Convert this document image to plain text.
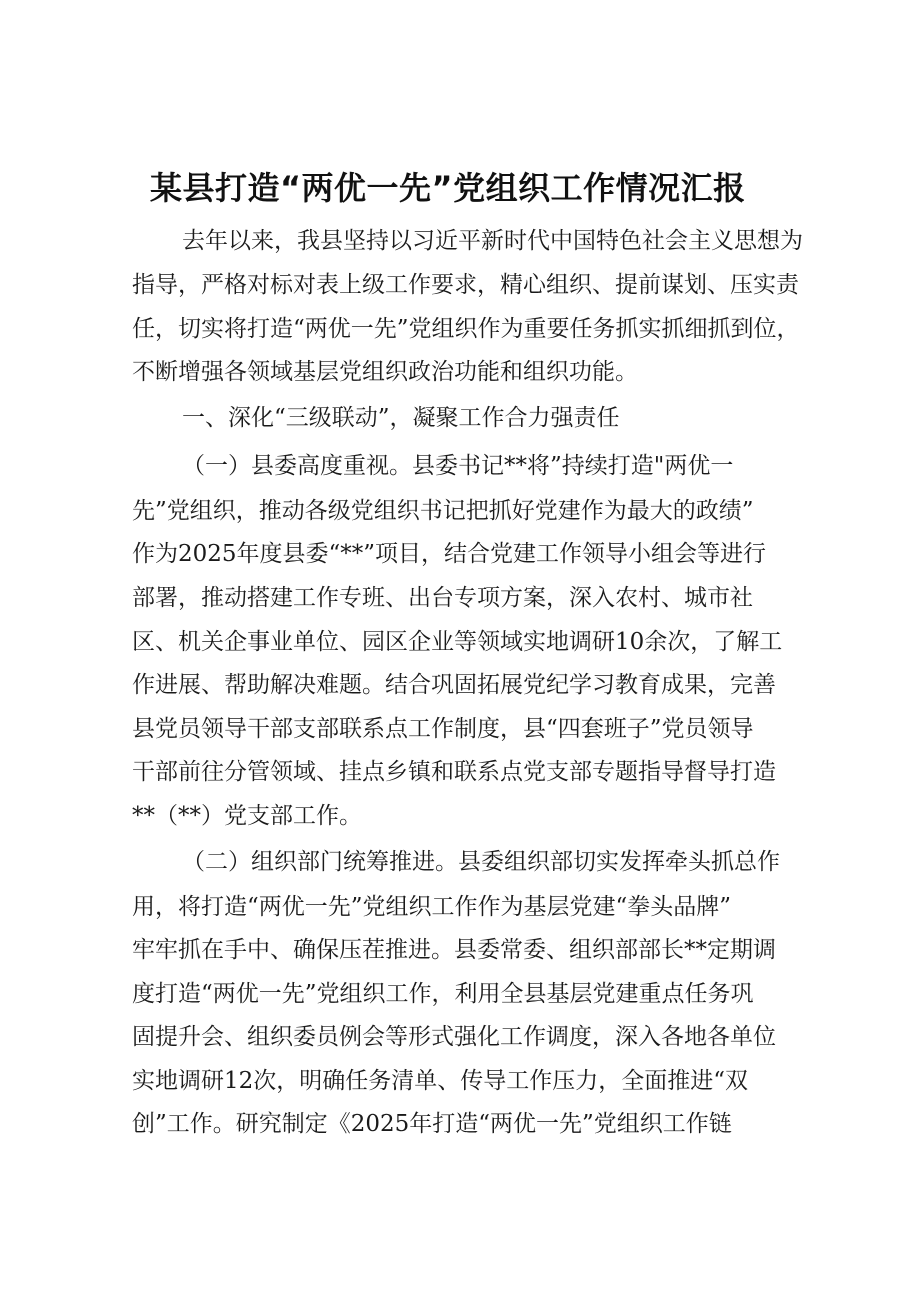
某县打造“两优一先”党组织工作情况汇报
去年以来，我县坚持以习近平新时代中国特色社会主义思想为
指导，严格对标对表上级工作要求，精心组织、提前谋划、压实责
任，切实将打造“两优一先”党组织作为重要任务抓实抓细抓到位，
不断增强各领域基层党组织政治功能和组织功能。
一、深化“三级联动”，凝聚工作合力强责任
（一）县委高度重视。县委书记**将”持续打造"两优一
先”党组织，推动各级党组织书记把抓好党建作为最大的政绩”
作为2025年度县委“**”项目，结合党建工作领导小组会等进行
部署，推动搭建工作专班、出台专项方案，深入农村、城市社
区、机关企事业单位、园区企业等领域实地调研10余次，了解工
作进展、帮助解决难题。结合巩固拓展党纪学习教育成果，完善
县党员领导干部支部联系点工作制度，县“四套班子”党员领导
干部前往分管领域、挂点乡镇和联系点党支部专题指导督导打造
**（**）党支部工作。
（二）组织部门统筹推进。县委组织部切实发挥牵头抓总作
用，将打造“两优一先”党组织工作作为基层党建“拳头品牌”
牢牢抓在手中、确保压茬推进。县委常委、组织部部长**定期调
度打造“两优一先”党组织工作，利用全县基层党建重点任务巩
固提升会、组织委员例会等形式强化工作调度，深入各地各单位
实地调研12次，明确任务清单、传导工作压力，全面推进“双
创”工作。研究制定《2025年打造“两优一先”党组织工作链
